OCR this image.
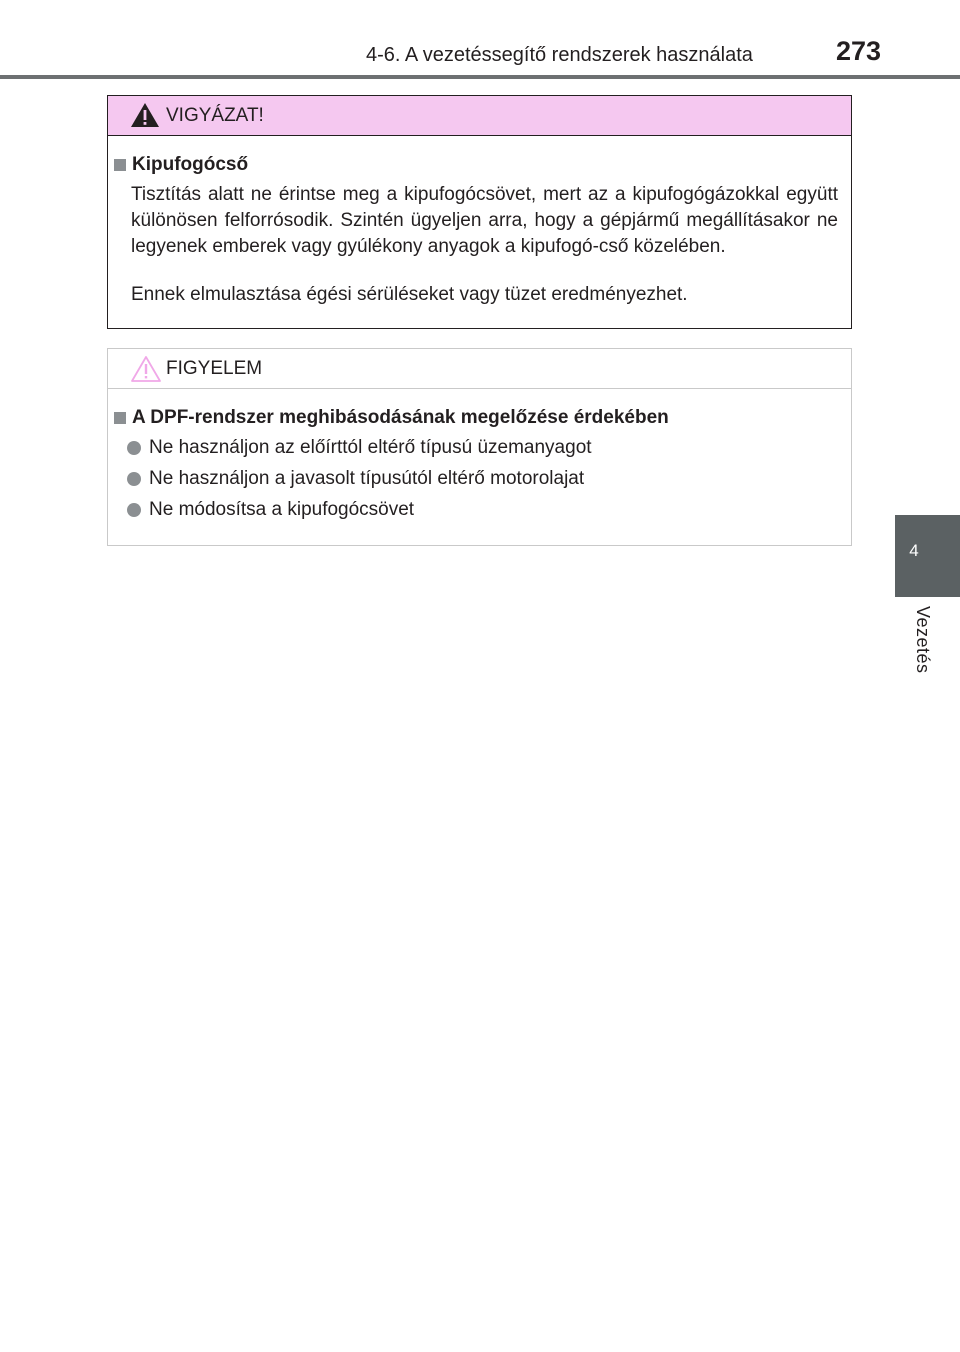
4-6. A vezetéssegítő rendszerek használata	273
4
Vezetés
VIGYÁZAT!
Kipufogócső
Tisztítás alatt ne érintse meg a kipufogócsövet, mert az a kipufogógázokkal együtt különösen felforrósodik. Szintén ügyeljen arra, hogy a gépjármű megállításakor ne legyenek emberek vagy gyúlékony anyagok a kipufogó-cső közelében.
Ennek elmulasztása égési sérüléseket vagy tüzet eredményezhet.
FIGYELEM
A DPF-rendszer meghibásodásának megelőzése érdekében
Ne használjon az előírttól eltérő típusú üzemanyagot
Ne használjon a javasolt típusútól eltérő motorolajat
Ne módosítsa a kipufogócsövet
